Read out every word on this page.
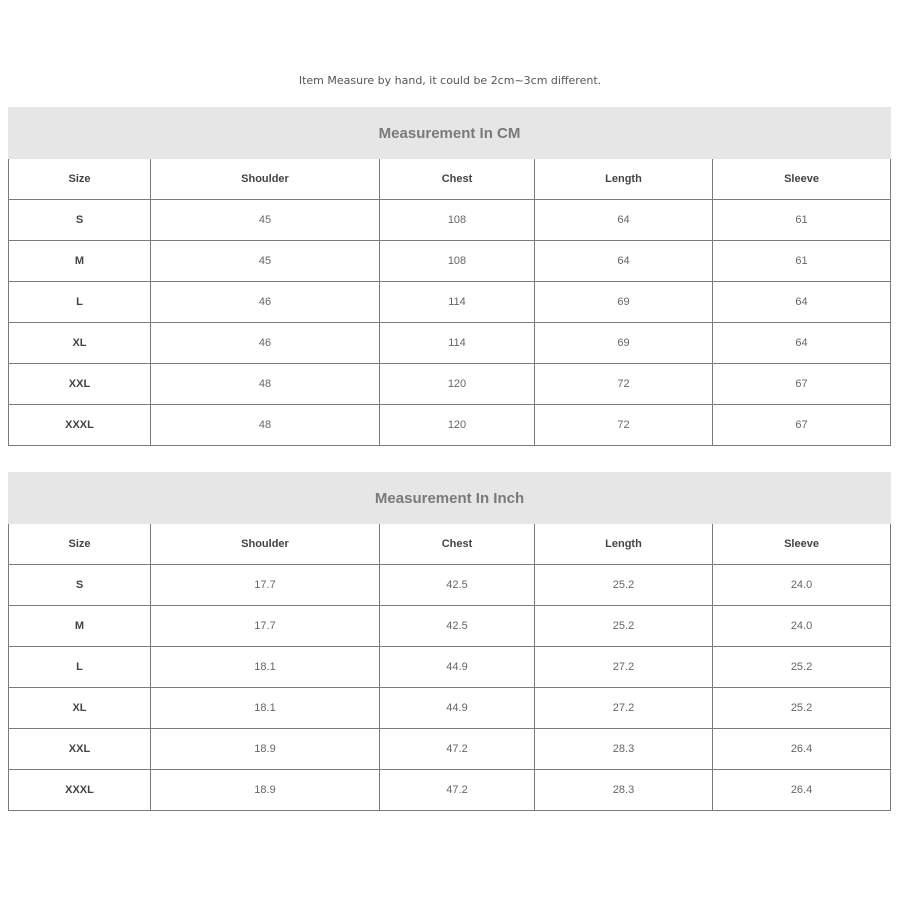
Item Measure by hand, it could be 2cm~3cm different.
Measurement In CM				
Size	Shoulder	Chest	Length	Sleeve
S	45	108	64	61
M	45	108	64	61
L	46	114	69	64
XL	46	114	69	64
XXL	48	120	72	67
XXXL	48	120	72	67
Measurement In Inch				
Size	Shoulder	Chest	Length	Sleeve
S	17.7	42.5	25.2	24.0
M	17.7	42.5	25.2	24.0
L	18.1	44.9	27.2	25.2
XL	18.1	44.9	27.2	25.2
XXL	18.9	47.2	28.3	26.4
XXXL	18.9	47.2	28.3	26.4
